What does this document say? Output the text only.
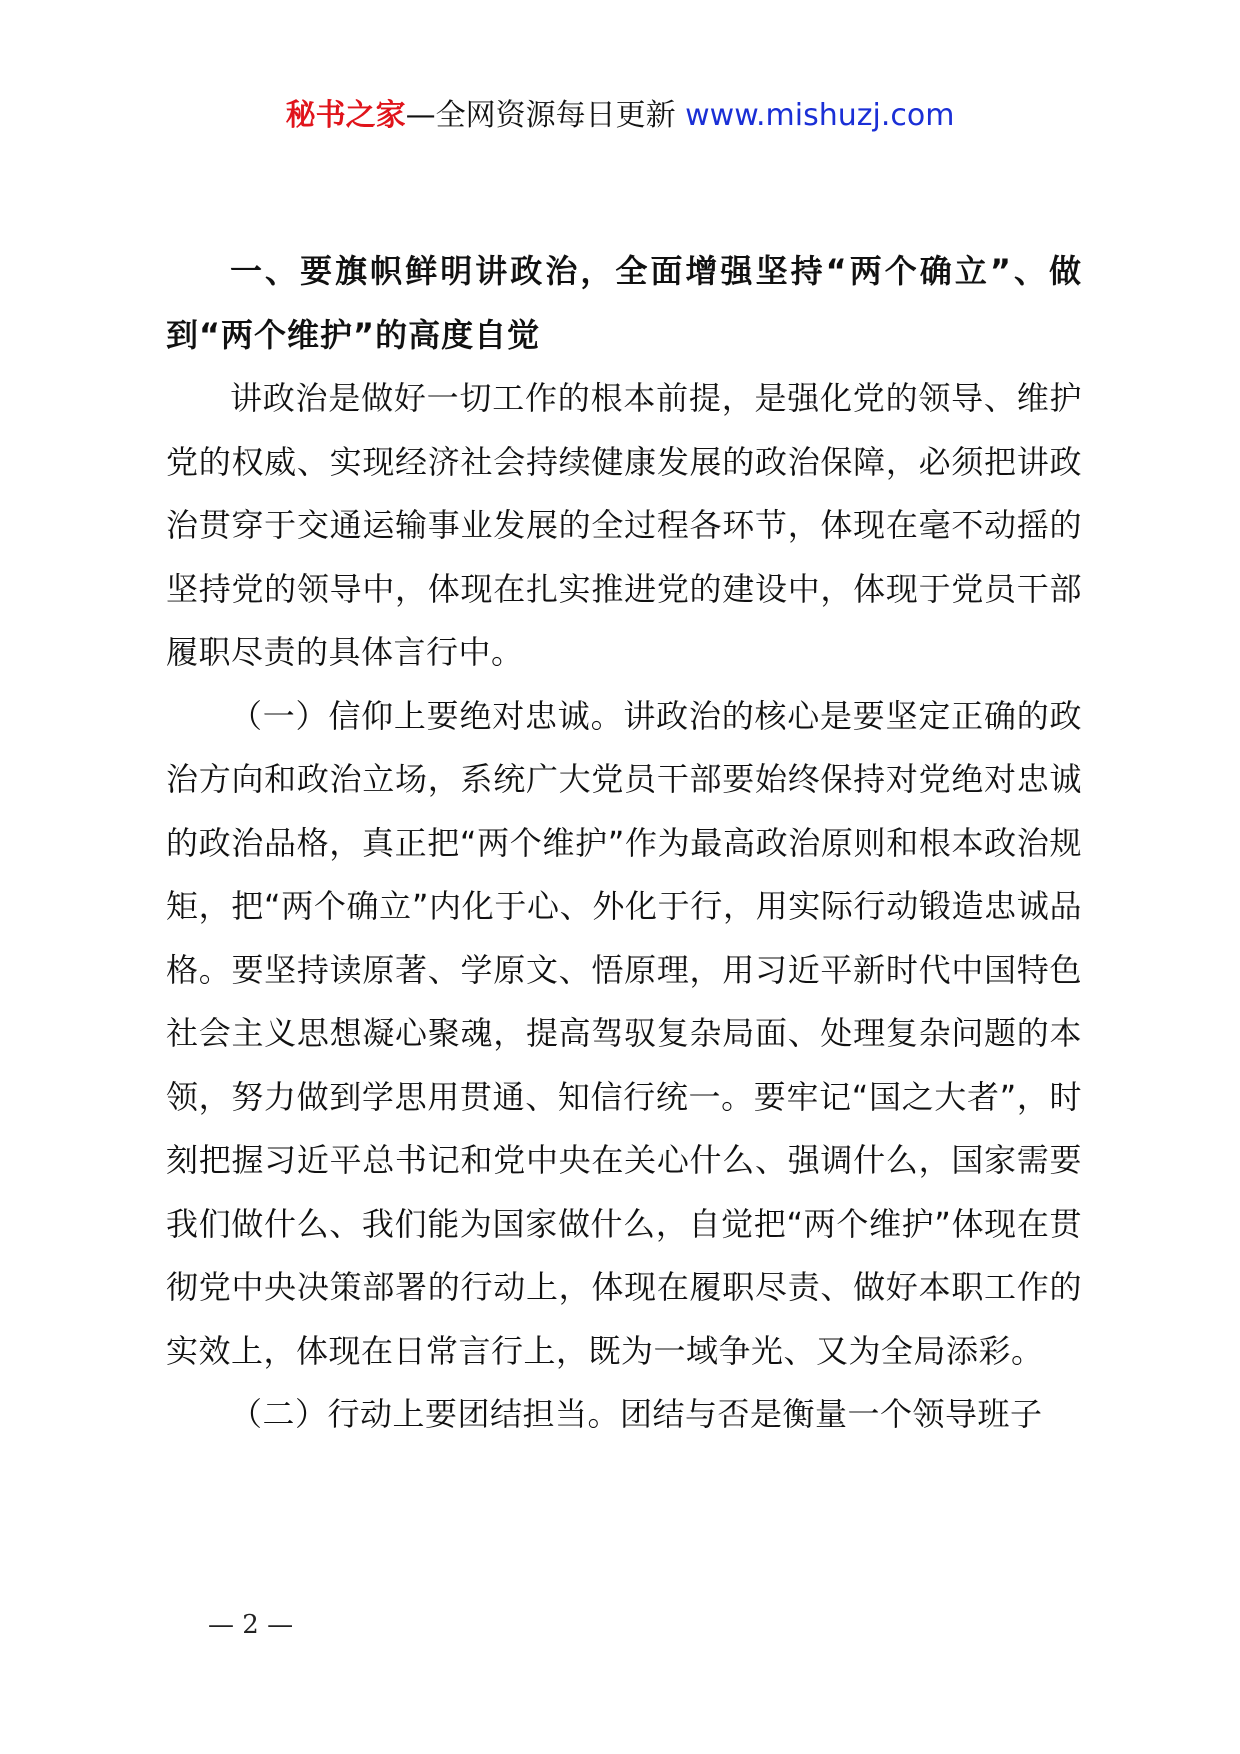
秘书之家—全网资源每日更新 www.mishuzj.com

一、要旗帜鲜明讲政治，全面增强坚持“两个确立”、做到“两个维护”的高度自觉

讲政治是做好一切工作的根本前提，是强化党的领导、维护党的权威、实现经济社会持续健康发展的政治保障，必须把讲政治贯穿于交通运输事业发展的全过程各环节，体现在毫不动摇的坚持党的领导中，体现在扎实推进党的建设中，体现于党员干部履职尽责的具体言行中。

（一）信仰上要绝对忠诚。讲政治的核心是要坚定正确的政治方向和政治立场，系统广大党员干部要始终保持对党绝对忠诚的政治品格，真正把“两个维护”作为最高政治原则和根本政治规矩，把“两个确立”内化于心、外化于行，用实际行动锻造忠诚品格。要坚持读原著、学原文、悟原理，用习近平新时代中国特色社会主义思想凝心聚魂，提高驾驭复杂局面、处理复杂问题的本领，努力做到学思用贯通、知信行统一。要牢记“国之大者”，时刻把握习近平总书记和党中央在关心什么、强调什么，国家需要我们做什么、我们能为国家做什么，自觉把“两个维护”体现在贯彻党中央决策部署的行动上，体现在履职尽责、做好本职工作的实效上，体现在日常言行上，既为一域争光、又为全局添彩。

（二）行动上要团结担当。团结与否是衡量一个领导班子

— 2 —
